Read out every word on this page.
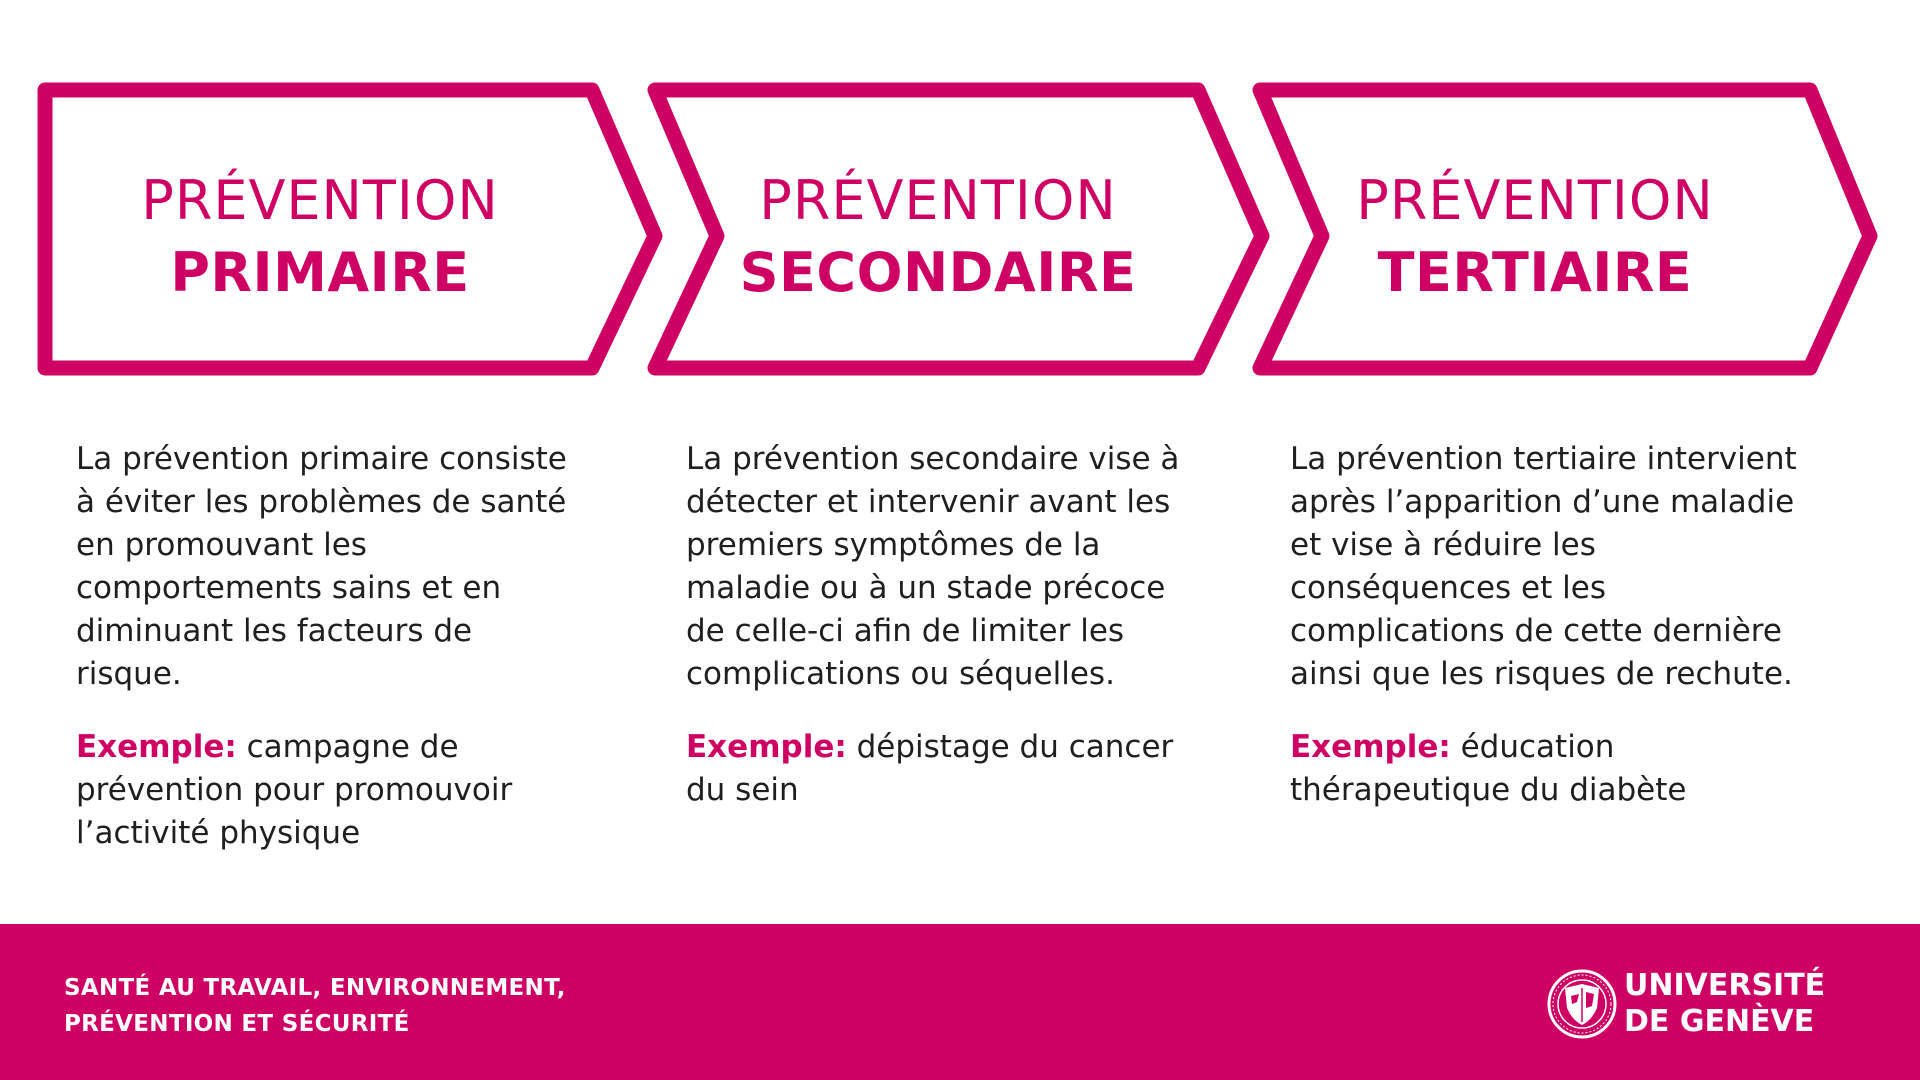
PRÉVENTION
PRIMAIRE
PRÉVENTION
SECONDAIRE
PRÉVENTION
TERTIAIRE

La prévention primaire consiste à éviter les problèmes de santé en promouvant les comportements sains et en diminuant les facteurs de risque.

Exemple: campagne de prévention pour promouvoir l’activité physique

La prévention secondaire vise à détecter et intervenir avant les premiers symptômes de la maladie ou à un stade précoce de celle-ci afin de limiter les complications ou séquelles.

Exemple: dépistage du cancer du sein

La prévention tertiaire intervient après l’apparition d’une maladie et vise à réduire les conséquences et les complications de cette dernière ainsi que les risques de rechute.

Exemple: éducation thérapeutique du diabète

SANTÉ AU TRAVAIL, ENVIRONNEMENT,
PRÉVENTION ET SÉCURITÉ
UNIVERSITÉ
DE GENÈVE
